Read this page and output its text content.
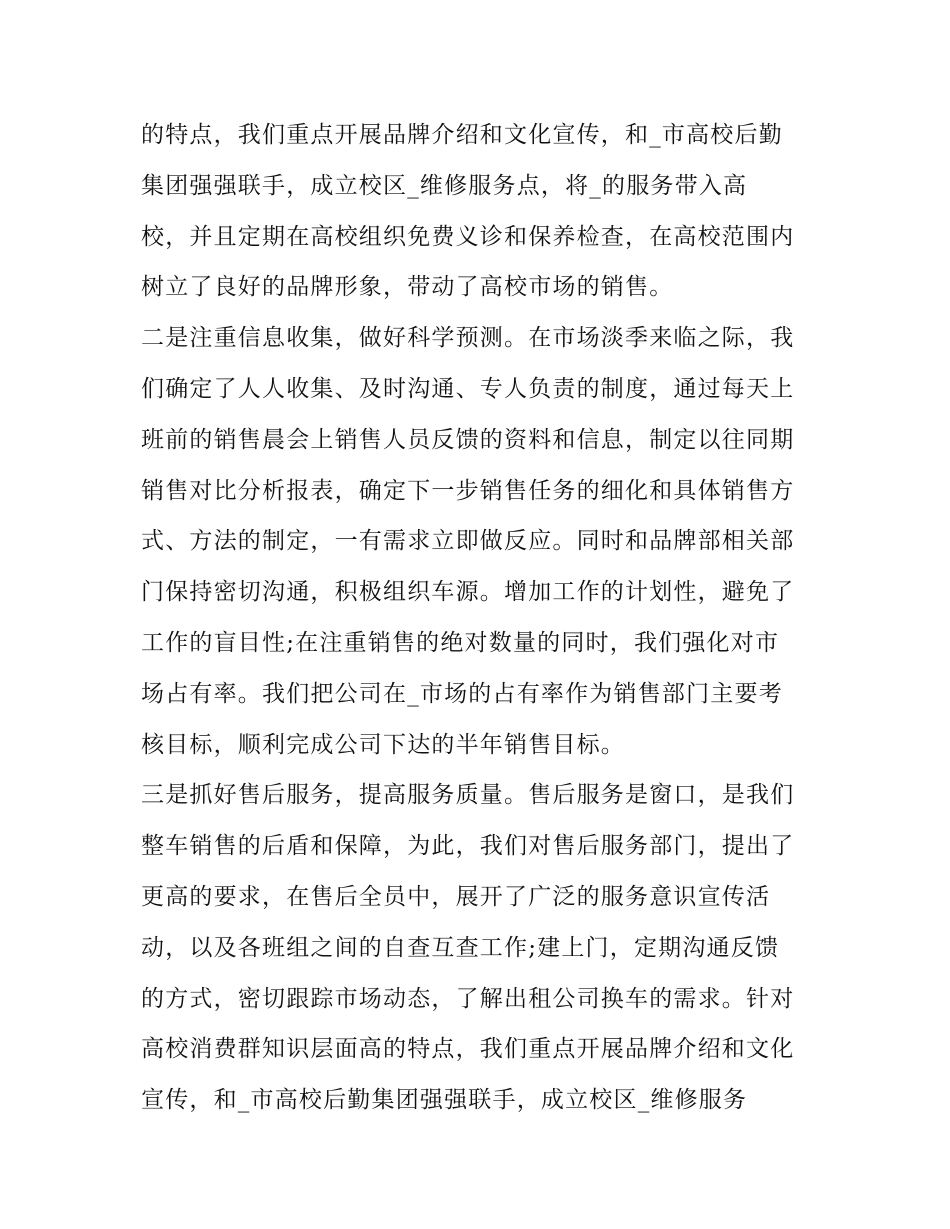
的特点，我们重点开展品牌介绍和文化宣传，和_市高校后勤
集团强强联手，成立校区_维修服务点，将_的服务带入高
校，并且定期在高校组织免费义诊和保养检查，在高校范围内
树立了良好的品牌形象，带动了高校市场的销售。
二是注重信息收集，做好科学预测。在市场淡季来临之际，我
们确定了人人收集、及时沟通、专人负责的制度，通过每天上
班前的销售晨会上销售人员反馈的资料和信息，制定以往同期
销售对比分析报表，确定下一步销售任务的细化和具体销售方
式、方法的制定，一有需求立即做反应。同时和品牌部相关部
门保持密切沟通，积极组织车源。增加工作的计划性，避免了
工作的盲目性;在注重销售的绝对数量的同时，我们强化对市
场占有率。我们把公司在_市场的占有率作为销售部门主要考
核目标，顺利完成公司下达的半年销售目标。
三是抓好售后服务，提高服务质量。售后服务是窗口，是我们
整车销售的后盾和保障，为此，我们对售后服务部门，提出了
更高的要求，在售后全员中，展开了广泛的服务意识宣传活
动，以及各班组之间的自查互查工作;建上门，定期沟通反馈
的方式，密切跟踪市场动态，了解出租公司换车的需求。针对
高校消费群知识层面高的特点，我们重点开展品牌介绍和文化
宣传，和_市高校后勤集团强强联手，成立校区_维修服务
